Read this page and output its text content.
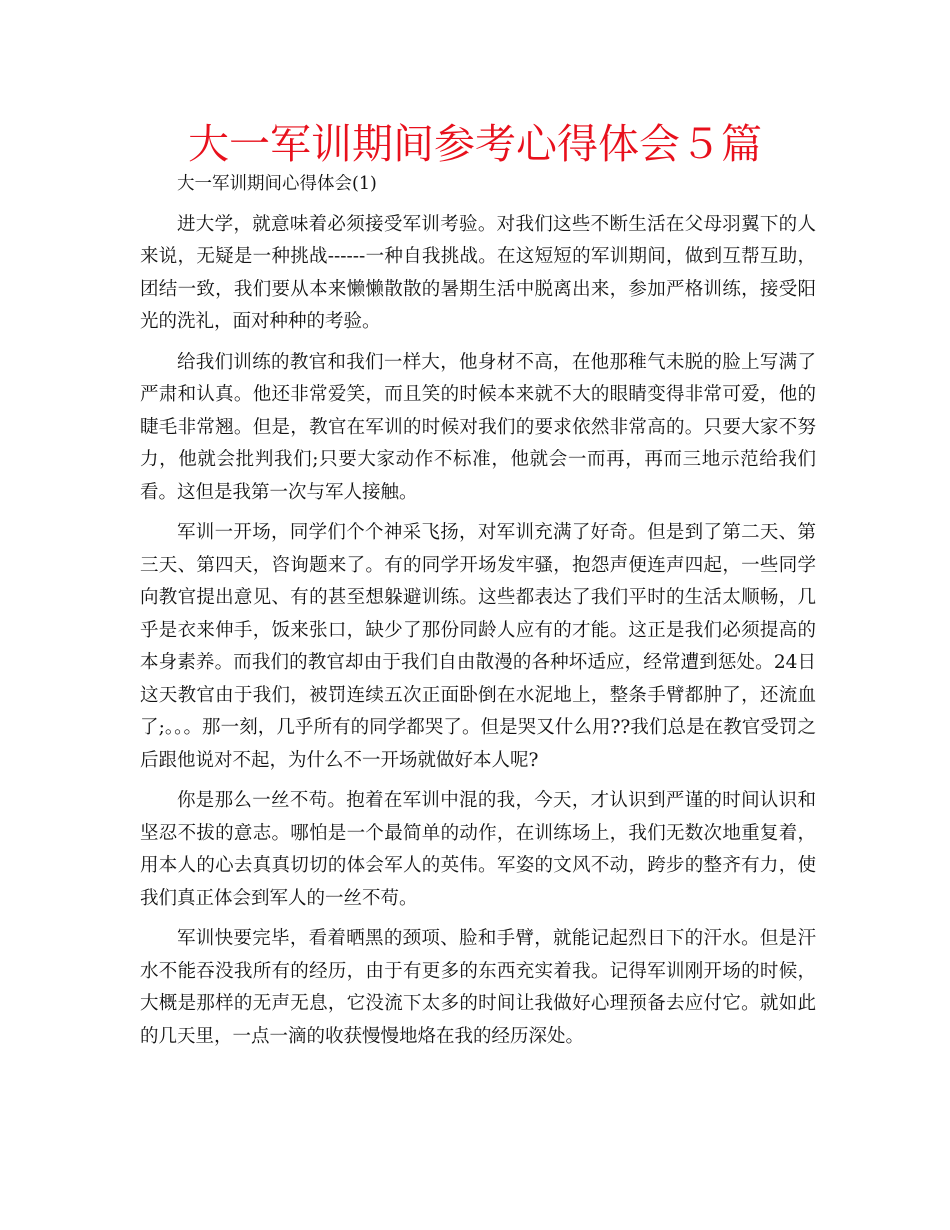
大一军训期间参考心得体会５篇

大一军训期间心得体会(1)

进大学，就意味着必须接受军训考验。对我们这些不断生活在父母羽翼下的人来说，无疑是一种挑战------一种自我挑战。在这短短的军训期间，做到互帮互助，团结一致，我们要从本来懒懒散散的暑期生活中脱离出来，参加严格训练，接受阳光的洗礼，面对种种的考验。

给我们训练的教官和我们一样大，他身材不高，在他那稚气未脱的脸上写满了严肃和认真。他还非常爱笑，而且笑的时候本来就不大的眼睛变得非常可爱，他的睫毛非常翘。但是，教官在军训的时候对我们的要求依然非常高的。只要大家不努力，他就会批判我们;只要大家动作不标准，他就会一而再，再而三地示范给我们看。这但是我第一次与军人接触。

军训一开场，同学们个个神采飞扬，对军训充满了好奇。但是到了第二天、第三天、第四天，咨询题来了。有的同学开场发牢骚，抱怨声便连声四起，一些同学向教官提出意见、有的甚至想躲避训练。这些都表达了我们平时的生活太顺畅，几乎是衣来伸手，饭来张口，缺少了那份同龄人应有的才能。这正是我们必须提高的本身素养。而我们的教官却由于我们自由散漫的各种坏适应，经常遭到惩处。24日这天教官由于我们，被罚连续五次正面卧倒在水泥地上，整条手臂都肿了，还流血了;。。。那一刻，几乎所有的同学都哭了。但是哭又什么用??我们总是在教官受罚之后跟他说对不起，为什么不一开场就做好本人呢?

你是那么一丝不苟。抱着在军训中混的我，今天，才认识到严谨的时间认识和坚忍不拔的意志。哪怕是一个最简单的动作，在训练场上，我们无数次地重复着，用本人的心去真真切切的体会军人的英伟。军姿的文风不动，跨步的整齐有力，使我们真正体会到军人的一丝不苟。

军训快要完毕，看着晒黑的颈项、脸和手臂，就能记起烈日下的汗水。但是汗水不能吞没我所有的经历，由于有更多的东西充实着我。记得军训刚开场的时候，大概是那样的无声无息，它没流下太多的时间让我做好心理预备去应付它。就如此的几天里，一点一滴的收获慢慢地烙在我的经历深处。
